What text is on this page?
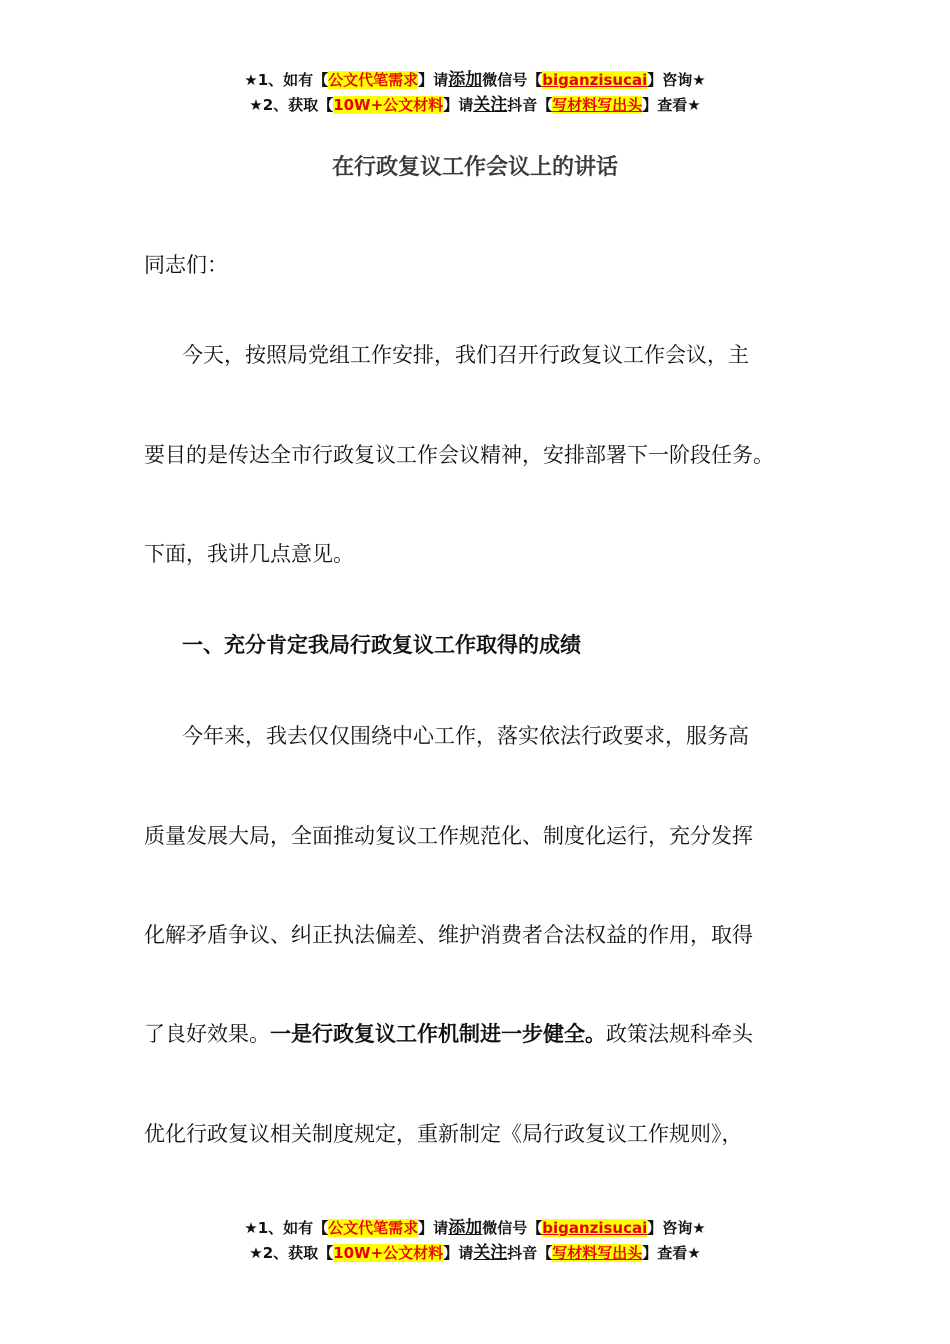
★1、如有【公文代笔需求】请添加微信号【biganzisucai】咨询★
★2、获取【10W+公文材料】请关注抖音【写材料写出头】查看★
在行政复议工作会议上的讲话
同志们：
今天，按照局党组工作安排，我们召开行政复议工作会议，主
要目的是传达全市行政复议工作会议精神，安排部署下一阶段任务。
下面，我讲几点意见。
一、充分肯定我局行政复议工作取得的成绩
今年来，我去仅仅围绕中心工作，落实依法行政要求，服务高
质量发展大局，全面推动复议工作规范化、制度化运行，充分发挥
化解矛盾争议、纠正执法偏差、维护消费者合法权益的作用，取得
了良好效果。一是行政复议工作机制进一步健全。政策法规科牵头
优化行政复议相关制度规定，重新制定《局行政复议工作规则》，
★1、如有【公文代笔需求】请添加微信号【biganzisucai】咨询★
★2、获取【10W+公文材料】请关注抖音【写材料写出头】查看★
